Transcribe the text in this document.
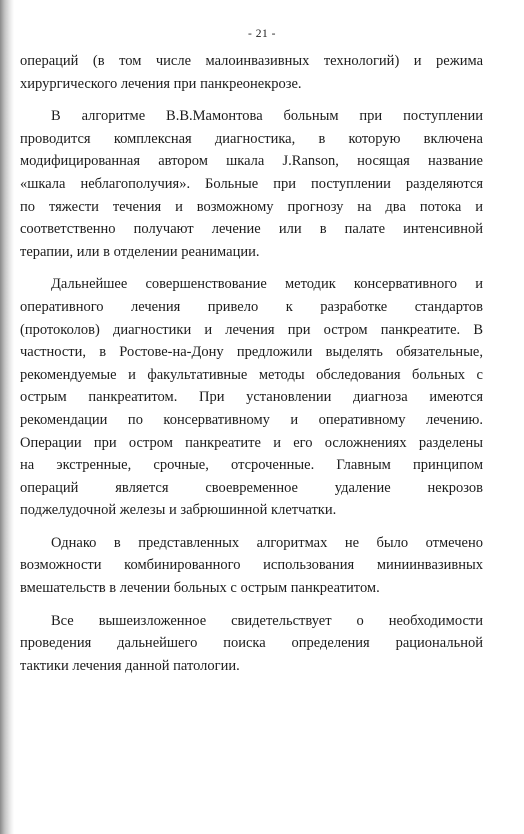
- 21 -
операций (в том числе малоинвазивных технологий) и режима
хирургического лечения при панкреонекрозе.
В алгоритме В.В.Мамонтова больным при поступлении
проводится комплексная диагностика, в которую включена
модифицированная автором шкала J.Ranson, носящая название
«шкала неблагополучия». Больные при поступлении разделяются
по тяжести течения и возможному прогнозу на два потока и
соответственно получают лечение или в палате интенсивной
терапии, или в отделении реанимации.
Дальнейшее совершенствование методик консервативного и
оперативного лечения привело к разработке стандартов
(протоколов) диагностики и лечения при остром панкреатите. В
частности, в Ростове-на-Дону предложили выделять обязательные,
рекомендуемые и факультативные методы обследования больных с
острым панкреатитом. При установлении диагноза имеются
рекомендации по консервативному и оперативному лечению.
Операции при остром панкреатите и его осложнениях разделены
на экстренные, срочные, отсроченные. Главным принципом
операций является своевременное удаление некрозов
поджелудочной железы и забрюшинной клетчатки.
Однако в представленных алгоритмах не было отмечено
возможности комбинированного использования миниинвазивных
вмешательств в лечении больных с острым панкреатитом.
Все вышеизложенное свидетельствует о необходимости
проведения дальнейшего поиска определения рациональной
тактики лечения данной патологии.
